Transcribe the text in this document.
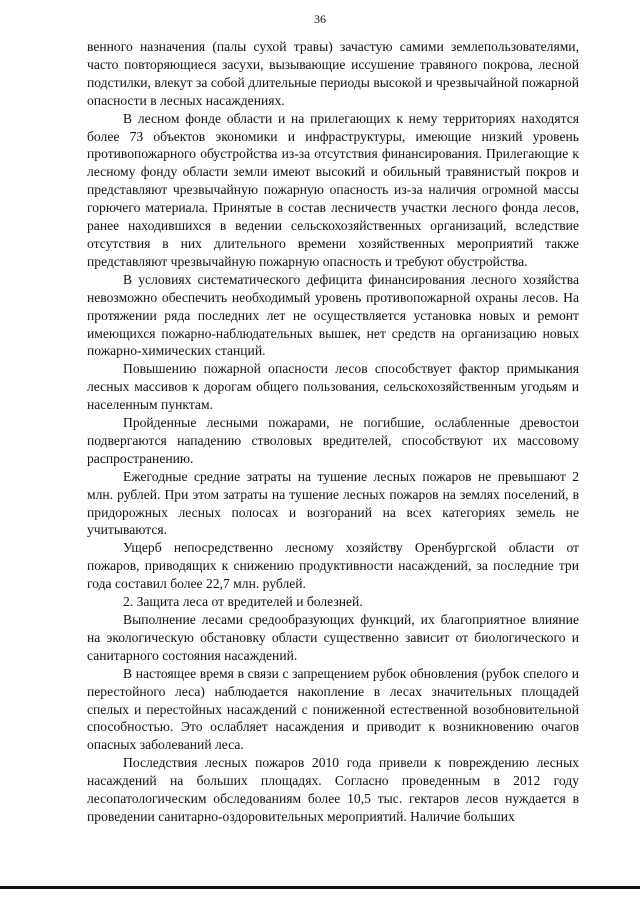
36

венного назначения (палы сухой травы) зачастую самими землепользователями, часто повторяющиеся засухи, вызывающие иссушение травяного покрова, лесной подстилки, влекут за собой длительные периоды высокой и чрезвычайной пожарной опасности в лесных насаждениях.

В лесном фонде области и на прилегающих к нему территориях находятся более 73 объектов экономики и инфраструктуры, имеющие низкий уровень противопожарного обустройства из-за отсутствия финансирования. Прилегающие к лесному фонду области земли имеют высокий и обильный травянистый покров и представляют чрезвычайную пожарную опасность из-за наличия огромной массы горючего материала. Принятые в состав лесничеств участки лесного фонда лесов, ранее находившихся в ведении сельскохозяйственных организаций, вследствие отсутствия в них длительного времени хозяйственных мероприятий также представляют чрезвычайную пожарную опасность и требуют обустройства.

В условиях систематического дефицита финансирования лесного хозяйства невозможно обеспечить необходимый уровень противопожарной охраны лесов. На протяжении ряда последних лет не осуществляется установка новых и ремонт имеющихся пожарно-наблюдательных вышек, нет средств на организацию новых пожарно-химических станций.

Повышению пожарной опасности лесов способствует фактор примыкания лесных массивов к дорогам общего пользования, сельскохозяйственным угодьям и населенным пунктам.

Пройденные лесными пожарами, не погибшие, ослабленные древостои подвергаются нападению стволовых вредителей, способствуют их массовому распространению.

Ежегодные средние затраты на тушение лесных пожаров не превышают 2 млн. рублей. При этом затраты на тушение лесных пожаров на землях поселений, в придорожных лесных полосах и возгораний на всех категориях земель не учитываются.

Ущерб непосредственно лесному хозяйству Оренбургской области от пожаров, приводящих к снижению продуктивности насаждений, за последние три года составил более 22,7 млн. рублей.

2. Защита леса от вредителей и болезней.

Выполнение лесами средообразующих функций, их благоприятное влияние на экологическую обстановку области существенно зависит от биологического и санитарного состояния насаждений.

В настоящее время в связи с запрещением рубок обновления (рубок спелого и перестойного леса) наблюдается накопление в лесах значительных площадей спелых и перестойных насаждений с пониженной естественной возобновительной способностью. Это ослабляет насаждения и приводит к возникновению очагов опасных заболеваний леса.

Последствия лесных пожаров 2010 года привели к повреждению лесных насаждений на больших площадях. Согласно проведенным в 2012 году лесопатологическим обследованиям более 10,5 тыс. гектаров лесов нуждается в проведении санитарно-оздоровительных мероприятий. Наличие больших
